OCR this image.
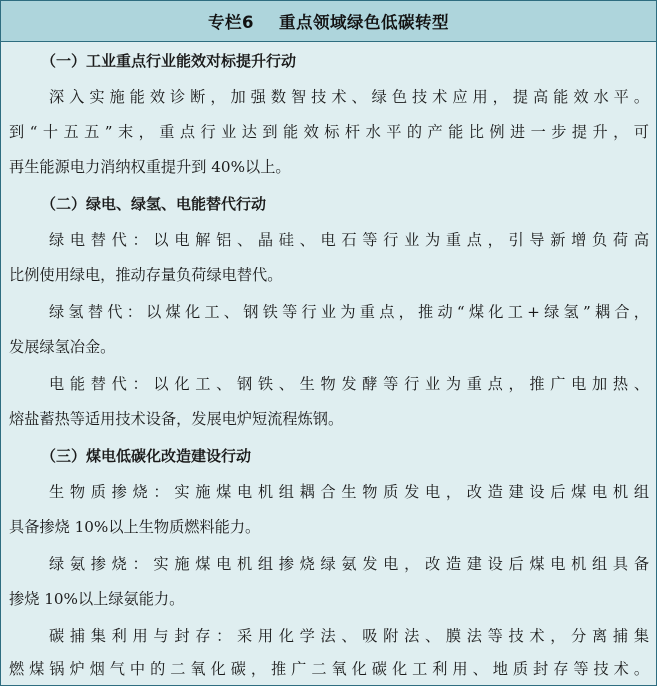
专栏6    重点领域绿色低碳转型
（一）工业重点行业能效对标提升行动
深入实施能效诊断，加强数智技术、绿色技术应用，提高能效水平。
到“十五五”末，重点行业达到能效标杆水平的产能比例进一步提升，可
再生能源电力消纳权重提升到 40%以上。
（二）绿电、绿氢、电能替代行动
绿电替代：以电解铝、晶硅、电石等行业为重点，引导新增负荷高
比例使用绿电，推动存量负荷绿电替代。
绿氢替代：以煤化工、钢铁等行业为重点，推动“煤化工+绿氢”耦合，
发展绿氢冶金。
电能替代：以化工、钢铁、生物发酵等行业为重点，推广电加热、
熔盐蓄热等适用技术设备，发展电炉短流程炼钢。
（三）煤电低碳化改造建设行动
生物质掺烧：实施煤电机组耦合生物质发电，改造建设后煤电机组
具备掺烧 10%以上生物质燃料能力。
绿氨掺烧：实施煤电机组掺烧绿氨发电，改造建设后煤电机组具备
掺烧 10%以上绿氨能力。
碳捕集利用与封存：采用化学法、吸附法、膜法等技术，分离捕集
燃煤锅炉烟气中的二氧化碳，推广二氧化碳化工利用、地质封存等技术。
